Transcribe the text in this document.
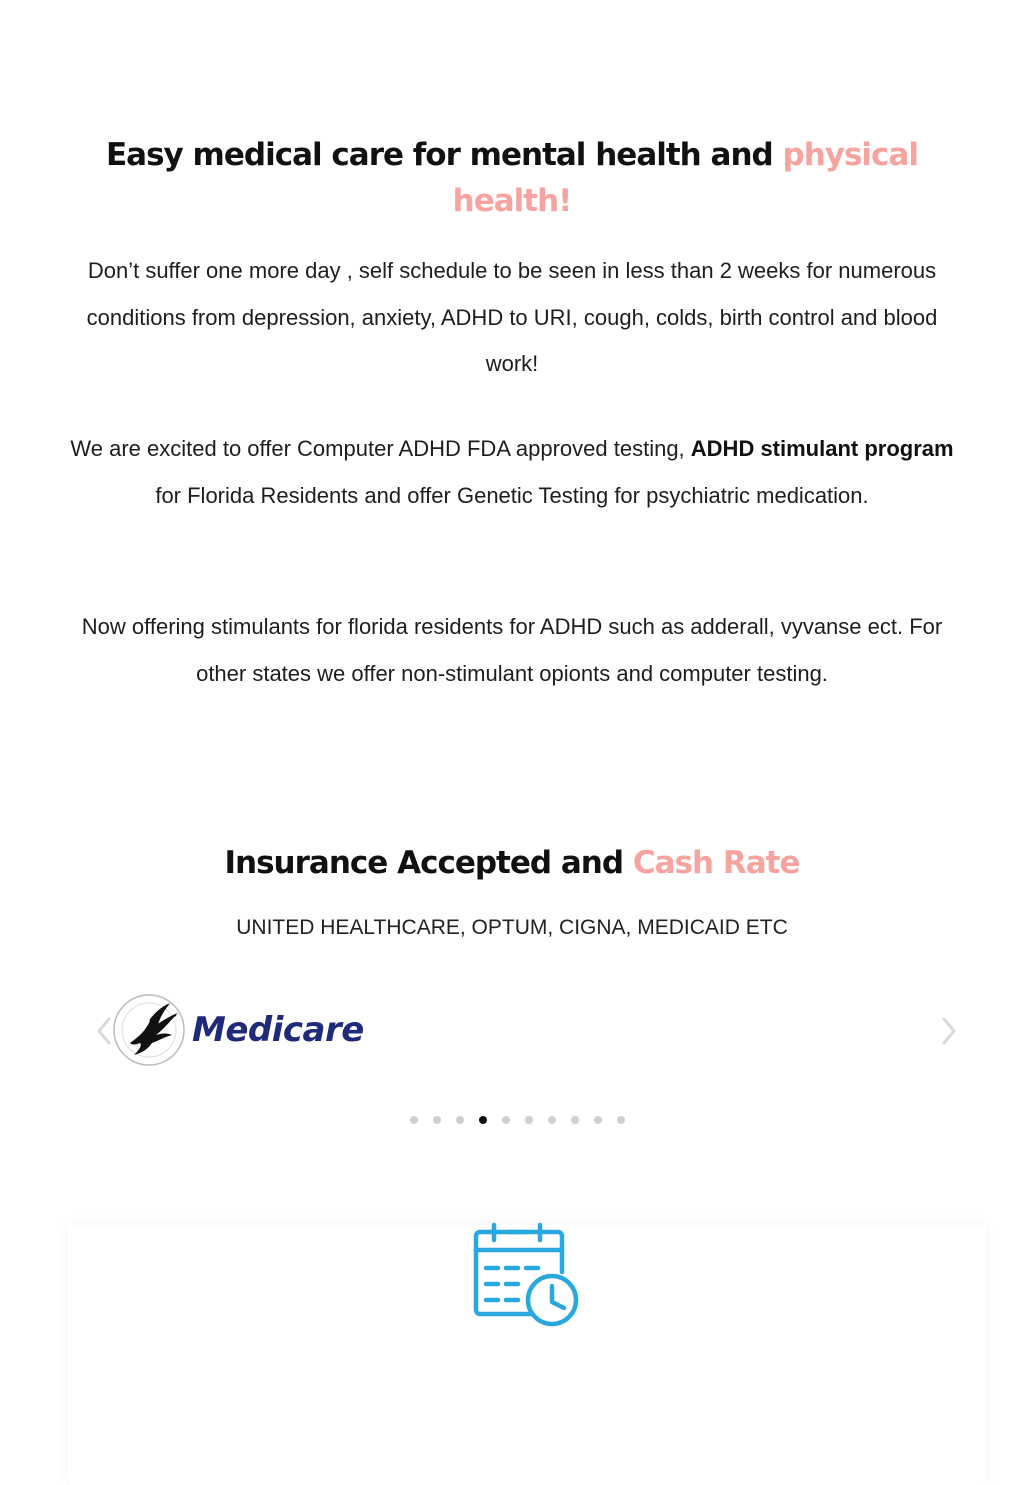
Easy medical care for mental health and physical health!

Don’t suffer one more day , self schedule to be seen in less than 2 weeks for numerous conditions from depression, anxiety, ADHD to URI, cough, colds, birth control and blood work!

We are excited to offer Computer ADHD FDA approved testing, ADHD stimulant program for Florida Residents and offer Genetic Testing for psychiatric medication.

Now offering stimulants for florida residents for ADHD such as adderall, vyvanse ect. For other states we offer non-stimulant opionts and computer testing.

Insurance Accepted and Cash Rate

UNITED HEALTHCARE, OPTUM, CIGNA, MEDICAID ETC

Medicare
